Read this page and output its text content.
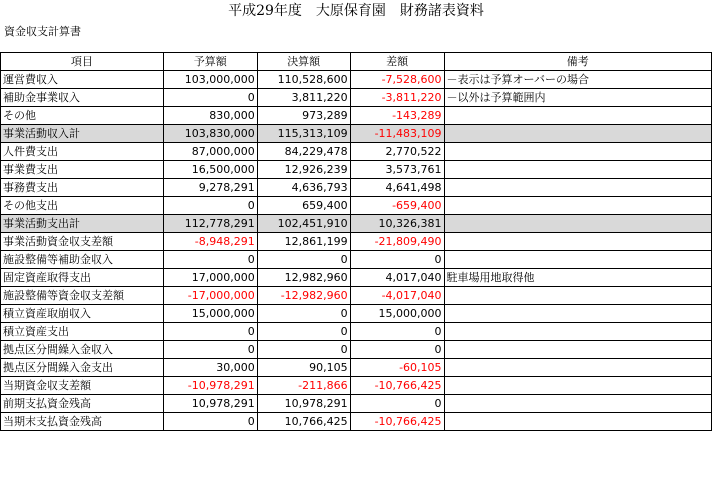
平成29年度　大原保育園　財務諸表資料
資金収支計算書
項目	予算額	決算額	差額	備考
運営費収入	103,000,000	110,528,600	-7,528,600	－表示は予算オーバーの場合
補助金事業収入	0	3,811,220	-3,811,220	－以外は予算範囲内
その他	830,000	973,289	-143,289	
事業活動収入計	103,830,000	115,313,109	-11,483,109	
人件費支出	87,000,000	84,229,478	2,770,522	
事業費支出	16,500,000	12,926,239	3,573,761	
事務費支出	9,278,291	4,636,793	4,641,498	
その他支出	0	659,400	-659,400	
事業活動支出計	112,778,291	102,451,910	10,326,381	
事業活動資金収支差額	-8,948,291	12,861,199	-21,809,490	
施設整備等補助金収入	0	0	0	
固定資産取得支出	17,000,000	12,982,960	4,017,040	駐車場用地取得他
施設整備等資金収支差額	-17,000,000	-12,982,960	-4,017,040	
積立資産取崩収入	15,000,000	0	15,000,000	
積立資産支出	0	0	0	
拠点区分間繰入金収入	0	0	0	
拠点区分間繰入金支出	30,000	90,105	-60,105	
当期資金収支差額	-10,978,291	-211,866	-10,766,425	
前期支払資金残高	10,978,291	10,978,291	0	
当期末支払資金残高	0	10,766,425	-10,766,425	
